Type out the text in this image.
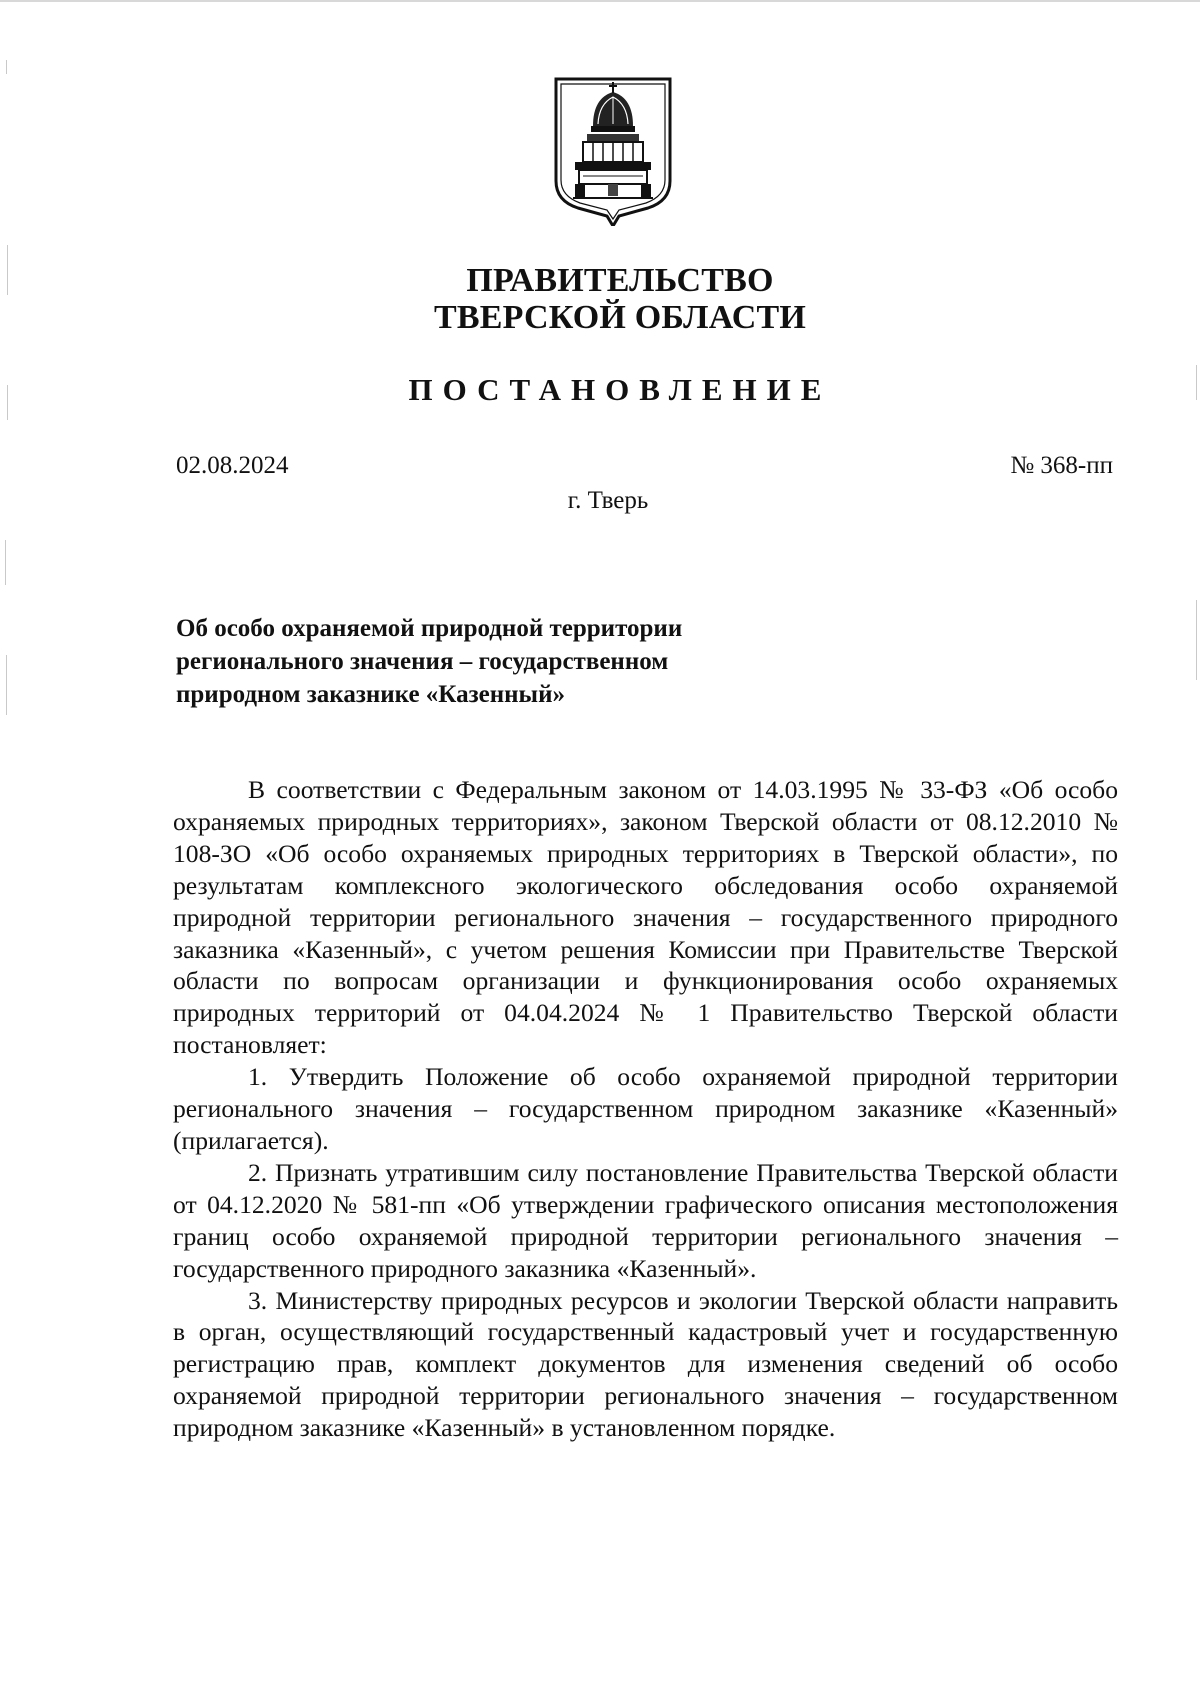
ПРАВИТЕЛЬСТВО
ТВЕРСКОЙ ОБЛАСТИ
ПОСТАНОВЛЕНИЕ
02.08.2024	№ 368-пп
г. Тверь
Об особо охраняемой природной территории
регионального значения – государственном
природном заказнике «Казенный»

В соответствии с Федеральным законом от 14.03.1995 № 33-ФЗ «Об особо охраняемых природных территориях», законом Тверской области от 08.12.2010 № 108-ЗО «Об особо охраняемых природных территориях в Тверской области», по результатам комплексного экологического обследования особо охраняемой природной территории регионального значения – государственного природного заказника «Казенный», с учетом решения Комиссии при Правительстве Тверской области по вопросам организации и функционирования особо охраняемых природных территорий от 04.04.2024 № 1 Правительство Тверской области постановляет:

1. Утвердить Положение об особо охраняемой природной территории регионального значения – государственном природном заказнике «Казенный» (прилагается).

2. Признать утратившим силу постановление Правительства Тверской области от 04.12.2020 № 581-пп «Об утверждении графического описания местоположения границ особо охраняемой природной территории регионального значения – государственного природного заказника «Казенный».

3. Министерству природных ресурсов и экологии Тверской области направить в орган, осуществляющий государственный кадастровый учет и государственную регистрацию прав, комплект документов для изменения сведений об особо охраняемой природной территории регионального значения – государственном природном заказнике «Казенный» в установленном порядке.
